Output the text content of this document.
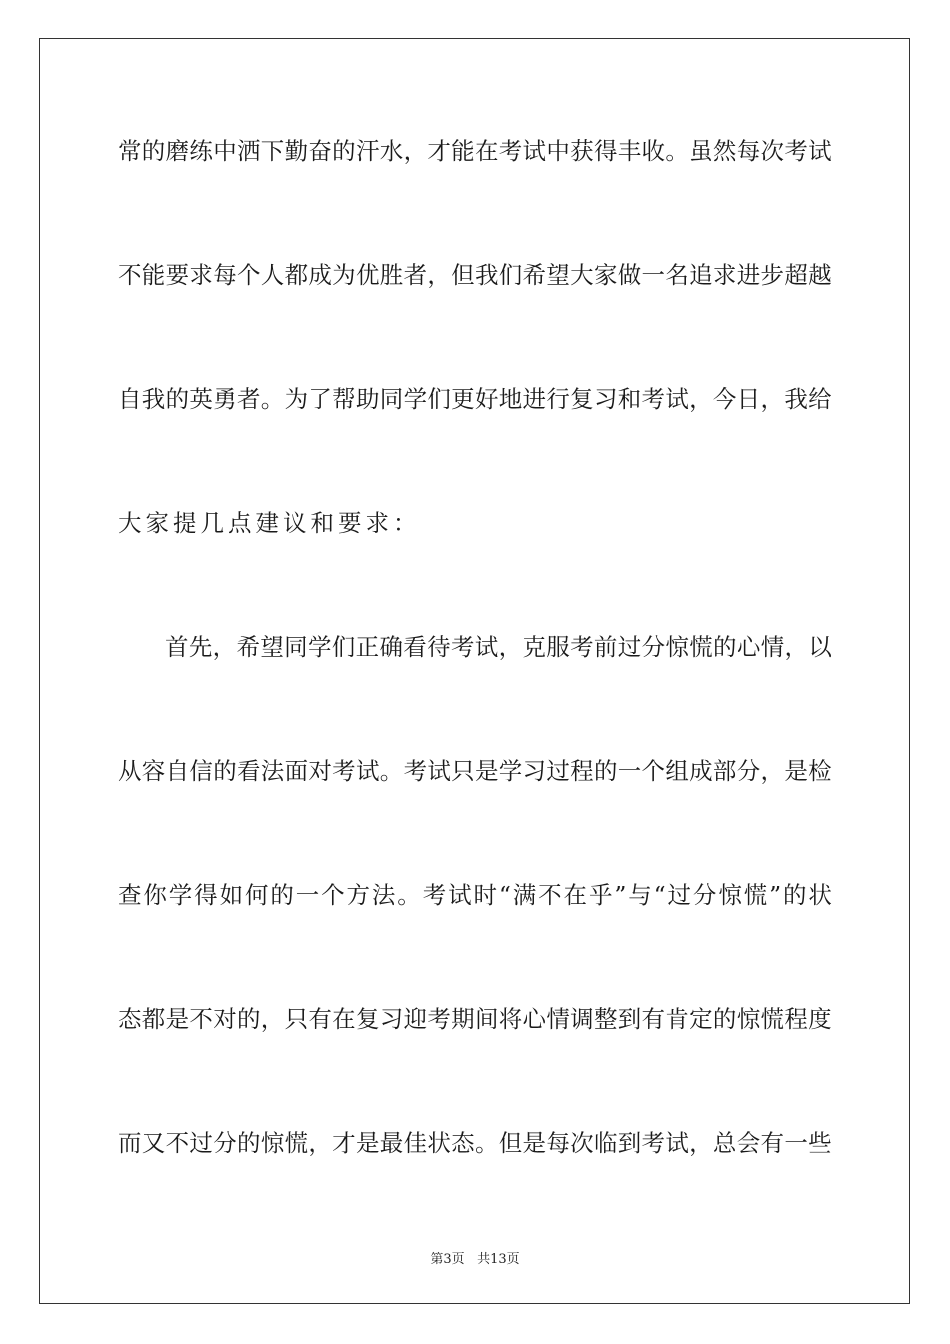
常 的 磨 练 中 洒 下 勤 奋 的 汗 水 ， 才 能 在 考 试 中 获 得 丰 收 。 虽 然 每 次 考 试
不 能 要 求 每 个 人 都 成 为 优 胜 者 ， 但 我 们 希 望 大 家 做 一 名 追 求 进 步 超 越
自 我 的 英 勇 者 。 为 了 帮 助 同 学 们 更 好 地 进 行 复 习 和 考 试 ， 今 日 ， 我 给
大家提几点建议和要求：
首 先 ， 希 望 同 学 们 正 确 看 待 考 试 ， 克 服 考 前 过 分 惊 慌 的 心 情 ， 以
从 容 自 信 的 看 法 面 对 考 试 。 考 试 只 是 学 习 过 程 的 一 个 组 成 部 分 ， 是 检
查 你 学 得 如 何 的 一 个 方 法 。 考 试 时 “ 满 不 在 乎 ” 与 “ 过 分 惊 慌 ” 的 状
态 都 是 不 对 的 ， 只 有 在 复 习 迎 考 期 间 将 心 情 调 整 到 有 肯 定 的 惊 慌 程 度
而 又 不 过 分 的 惊 慌 ， 才 是 最 佳 状 态 。 但 是 每 次 临 到 考 试 ， 总 会 有 一 些
第3页 共13页
